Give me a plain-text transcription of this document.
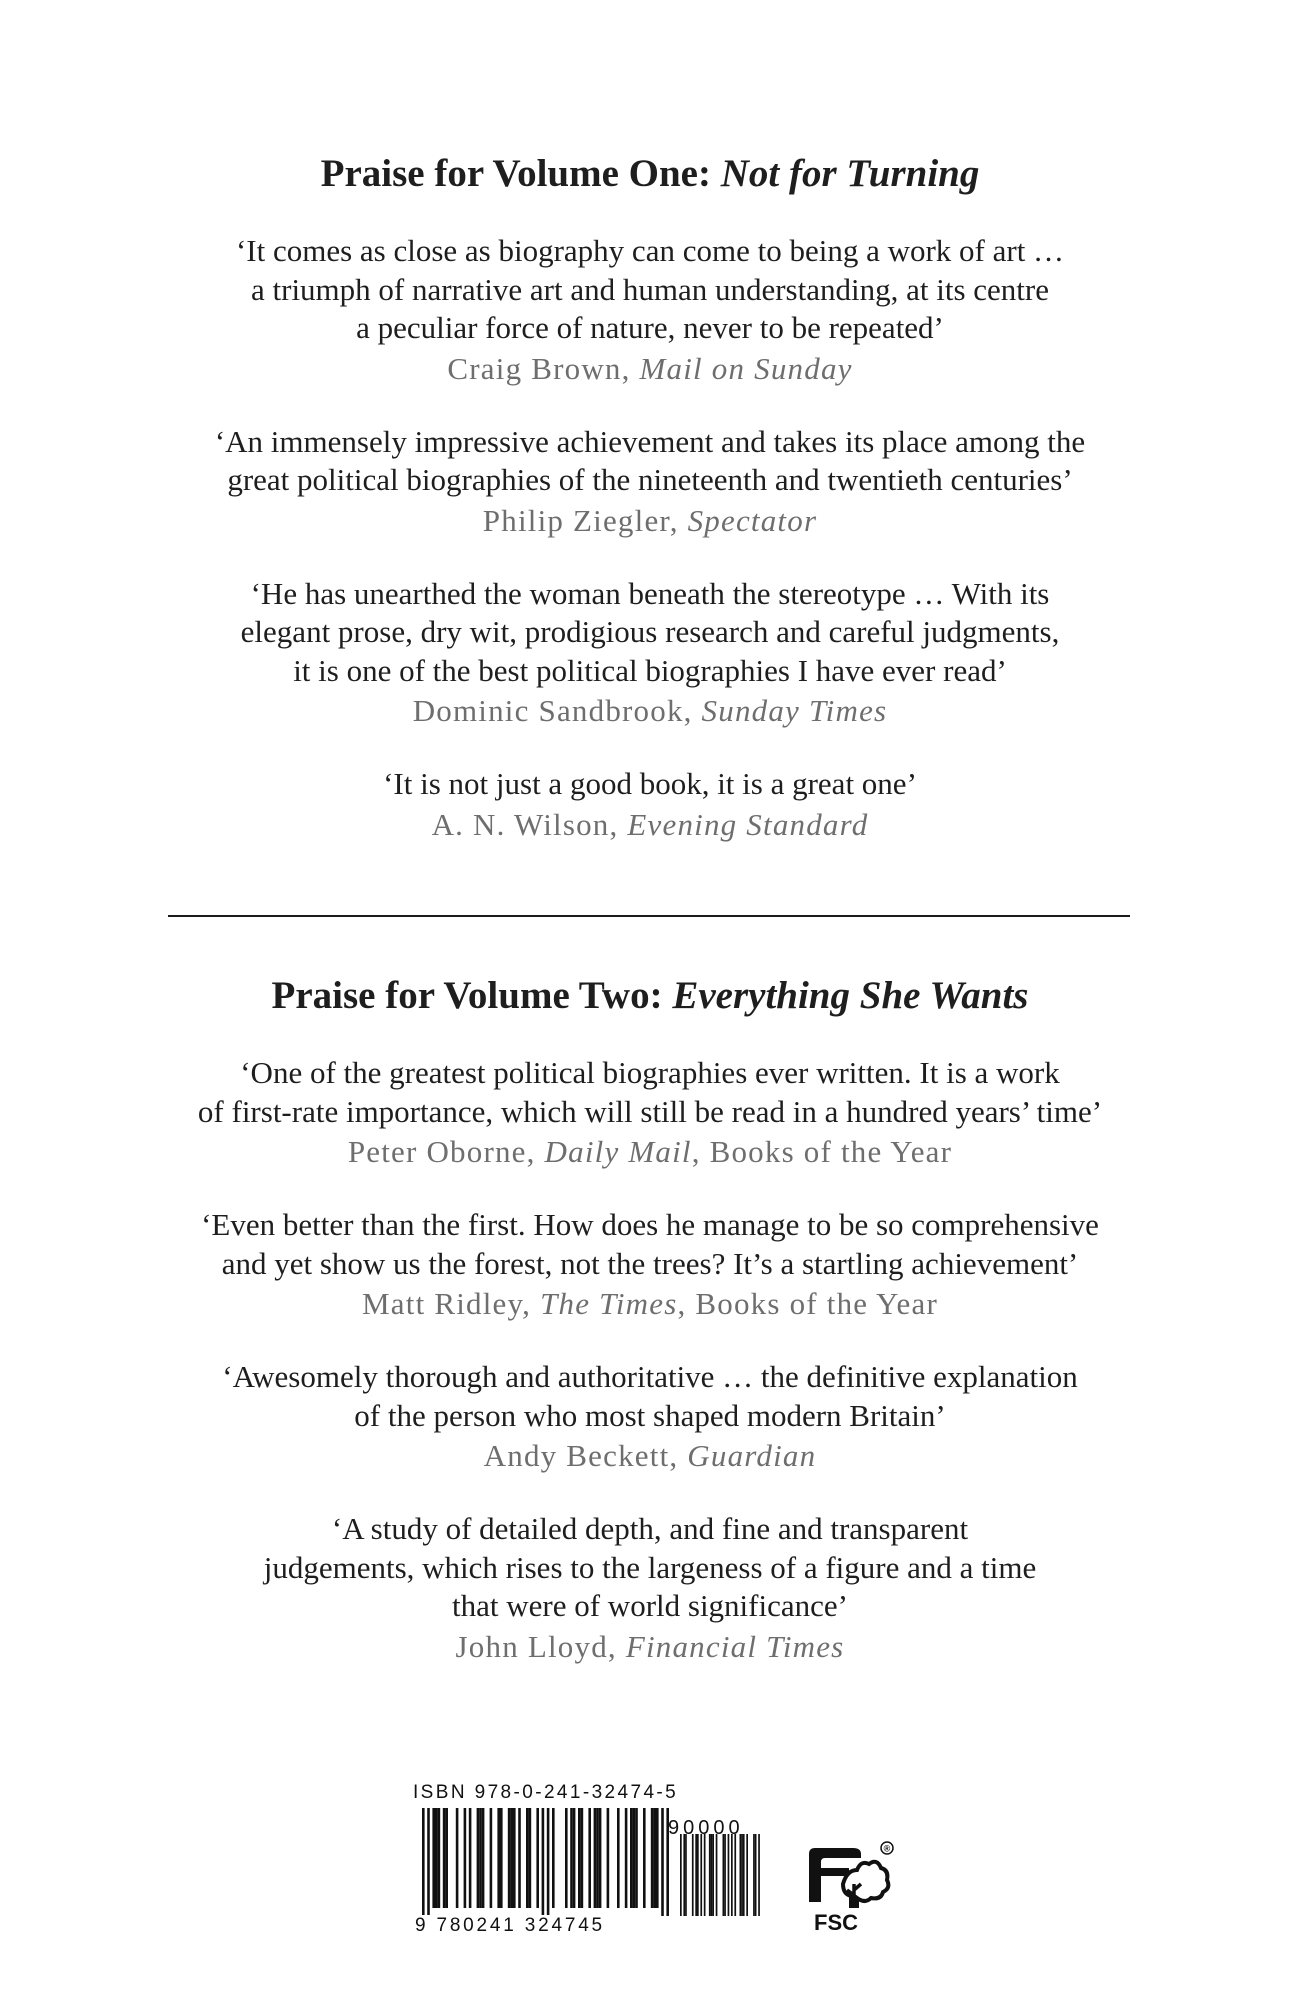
Praise for Volume One: Not for Turning
‘It comes as close as biography can come to being a work of art …
a triumph of narrative art and human understanding, at its centre
a peculiar force of nature, never to be repeated’
Craig Brown, Mail on Sunday
‘An immensely impressive achievement and takes its place among the
great political biographies of the nineteenth and twentieth centuries’
Philip Ziegler, Spectator
‘He has unearthed the woman beneath the stereotype … With its
elegant prose, dry wit, prodigious research and careful judgments,
it is one of the best political biographies I have ever read’
Dominic Sandbrook, Sunday Times
‘It is not just a good book, it is a great one’
A. N. Wilson, Evening Standard
Praise for Volume Two: Everything She Wants
‘One of the greatest political biographies ever written. It is a work
of first-rate importance, which will still be read in a hundred years’ time’
Peter Oborne, Daily Mail, Books of the Year
‘Even better than the first. How does he manage to be so comprehensive
and yet show us the forest, not the trees? It’s a startling achievement’
Matt Ridley, The Times, Books of the Year
‘Awesomely thorough and authoritative … the definitive explanation
of the person who most shaped modern Britain’
Andy Beckett, Guardian
‘A study of detailed depth, and fine and transparent
judgements, which rises to the largeness of a figure and a time
that were of world significance’
John Lloyd, Financial Times
ISBN 978-0-241-32474-5
9 780241 324745
90000
®
FSC
